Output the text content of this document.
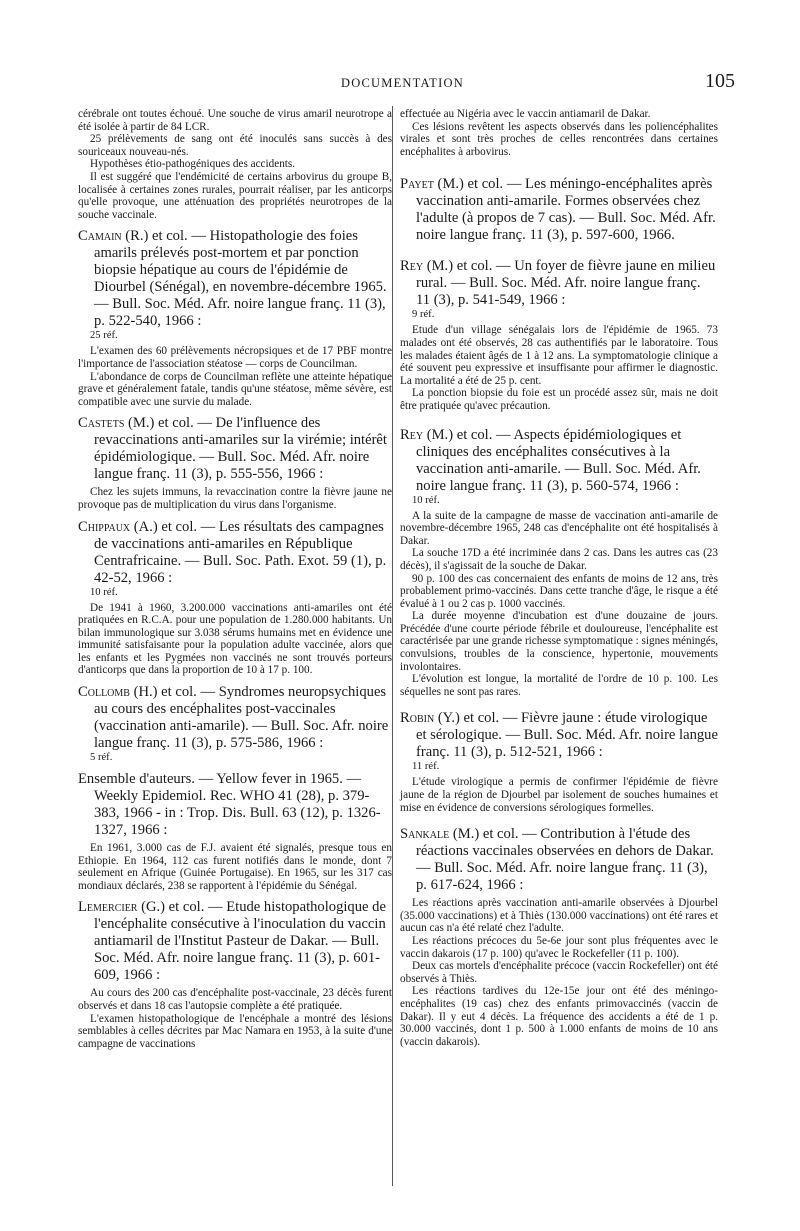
DOCUMENTATION	105

cérébrale ont toutes échoué. Une souche de virus amaril neurotrope a été isolée à partir de 84 LCR.

25 prélèvements de sang ont été inoculés sans succès à des souriceaux nouveau-nés.

Hypothèses étio-pathogéniques des accidents.

Il est suggéré que l'endémicité de certains arbovirus du groupe B, localisée à certaines zones rurales, pourrait réaliser, par les anticorps qu'elle provoque, une atténuation des propriétés neurotropes de la souche vaccinale.

Camain (R.) et col. — Histopathologie des foies amarils prélevés post-mortem et par ponction biopsie hépatique au cours de l'épidémie de Diourbel (Sénégal), en novembre-décembre 1965. — Bull. Soc. Méd. Afr. noire langue franç. 11 (3), p. 522-540, 1966 :

25 réf.

L'examen des 60 prélèvements nécropsiques et de 17 PBF montre l'importance de l'association stéatose — corps de Councilman.

L'abondance de corps de Councilman reflète une atteinte hépatique grave et généralement fatale, tandis qu'une stéatose, même sévère, est compatible avec une survie du malade.

Castets (M.) et col. — De l'influence des revaccinations anti-amariles sur la virémie; intérêt épidémiologique. — Bull. Soc. Méd. Afr. noire langue franç. 11 (3), p. 555-556, 1966 :

Chez les sujets immuns, la revaccination contre la fièvre jaune ne provoque pas de multiplication du virus dans l'organisme.

Chippaux (A.) et col. — Les résultats des campagnes de vaccinations anti-amariles en République Centrafricaine. — Bull. Soc. Path. Exot. 59 (1), p. 42-52, 1966 :

10 réf.

De 1941 à 1960, 3.200.000 vaccinations anti-amariles ont été pratiquées en R.C.A. pour une population de 1.280.000 habitants. Un bilan immunologique sur 3.038 sérums humains met en évidence une immunité satisfaisante pour la population adulte vaccinée, alors que les enfants et les Pygmées non vaccinés ne sont trouvés porteurs d'anticorps que dans la proportion de 10 à 17 p. 100.

Collomb (H.) et col. — Syndromes neuropsychiques au cours des encéphalites post-vaccinales (vaccination anti-amarile). — Bull. Soc. Afr. noire langue franç. 11 (3), p. 575-586, 1966 :

5 réf.

Ensemble d'auteurs. — Yellow fever in 1965. — Weekly Epidemiol. Rec. WHO 41 (28), p. 379-383, 1966 - in : Trop. Dis. Bull. 63 (12), p. 1326-1327, 1966 :

En 1961, 3.000 cas de F.J. avaient été signalés, presque tous en Ethiopie. En 1964, 112 cas furent notifiés dans le monde, dont 7 seulement en Afrique (Guinée Portugaise). En 1965, sur les 317 cas mondiaux déclarés, 238 se rapportent à l'épidémie du Sénégal.

Lemercier (G.) et col. — Etude histopathologique de l'encéphalite consécutive à l'inoculation du vaccin antiamaril de l'Institut Pasteur de Dakar. — Bull. Soc. Méd. Afr. noire langue franç. 11 (3), p. 601-609, 1966 :

Au cours des 200 cas d'encéphalite post-vaccinale, 23 décès furent observés et dans 18 cas l'autopsie complète a été pratiquée.

L'examen histopathologique de l'encéphale a montré des lésions semblables à celles décrites par Mac Namara en 1953, à la suite d'une campagne de vaccinations

effectuée au Nigéria avec le vaccin antiamaril de Dakar.

Ces lésions revêtent les aspects observés dans les poliencéphalites virales et sont très proches de celles rencontrées dans certaines encéphalites à arbovirus.

Payet (M.) et col. — Les méningo-encéphalites après vaccination anti-amarile. Formes observées chez l'adulte (à propos de 7 cas). — Bull. Soc. Méd. Afr. noire langue franç. 11 (3), p. 597-600, 1966.

Rey (M.) et col. — Un foyer de fièvre jaune en milieu rural. — Bull. Soc. Méd. Afr. noire langue franç. 11 (3), p. 541-549, 1966 :

9 réf.

Etude d'un village sénégalais lors de l'épidémie de 1965. 73 malades ont été observés, 28 cas authentifiés par le laboratoire. Tous les malades étaient âgés de 1 à 12 ans. La symptomatologie clinique a été souvent peu expressive et insuffisante pour affirmer le diagnostic. La mortalité a été de 25 p. cent.

La ponction biopsie du foie est un procédé assez sûr, mais ne doit être pratiquée qu'avec précaution.

Rey (M.) et col. — Aspects épidémiologiques et cliniques des encéphalites consécutives à la vaccination anti-amarile. — Bull. Soc. Méd. Afr. noire langue franç. 11 (3), p. 560-574, 1966 :

10 réf.

A la suite de la campagne de masse de vaccination anti-amarile de novembre-décembre 1965, 248 cas d'encéphalite ont été hospitalisés à Dakar.

La souche 17D a été incriminée dans 2 cas. Dans les autres cas (23 décès), il s'agissait de la souche de Dakar.

90 p. 100 des cas concernaient des enfants de moins de 12 ans, très probablement primo-vaccinés. Dans cette tranche d'âge, le risque a été évalué à 1 ou 2 cas p. 1000 vaccinés.

La durée moyenne d'incubation est d'une douzaine de jours. Précédée d'une courte période fébrile et douloureuse, l'encéphalite est caractérisée par une grande richesse symptomatique : signes méningés, convulsions, troubles de la conscience, hypertonie, mouvements involontaires.

L'évolution est longue, la mortalité de l'ordre de 10 p. 100. Les séquelles ne sont pas rares.

Robin (Y.) et col. — Fièvre jaune : étude virologique et sérologique. — Bull. Soc. Méd. Afr. noire langue franç. 11 (3), p. 512-521, 1966 :

11 réf.

L'étude virologique a permis de confirmer l'épidémie de fièvre jaune de la région de Djourbel par isolement de souches humaines et mise en évidence de conversions sérologiques formelles.

Sankale (M.) et col. — Contribution à l'étude des réactions vaccinales observées en dehors de Dakar. — Bull. Soc. Méd. Afr. noire langue franç. 11 (3), p. 617-624, 1966 :

Les réactions après vaccination anti-amarile observées à Djourbel (35.000 vaccinations) et à Thiès (130.000 vaccinations) ont été rares et aucun cas n'a été relaté chez l'adulte.

Les réactions précoces du 5e-6e jour sont plus fréquentes avec le vaccin dakarois (17 p. 100) qu'avec le Rockefeller (11 p. 100).

Deux cas mortels d'encéphalite précoce (vaccin Rockefeller) ont été observés à Thiès.

Les réactions tardives du 12e-15e jour ont été des méningo-encéphalites (19 cas) chez des enfants primovaccinés (vaccin de Dakar). Il y eut 4 décès. La fréquence des accidents a été de 1 p. 30.000 vaccinés, dont 1 p. 500 à 1.000 enfants de moins de 10 ans (vaccin dakarois).
